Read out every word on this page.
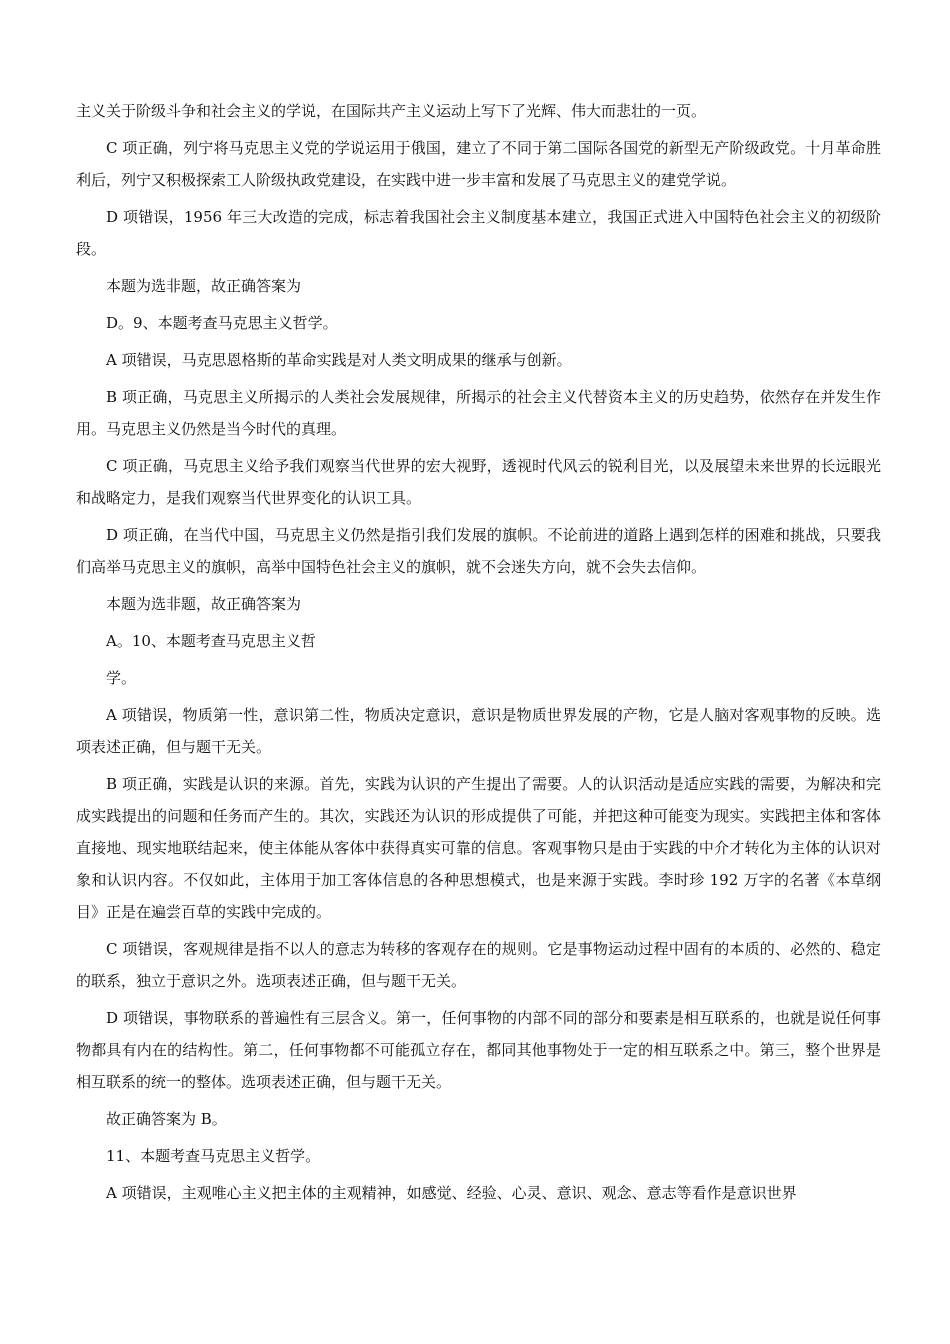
主义关于阶级斗争和社会主义的学说，在国际共产主义运动上写下了光辉、伟大而悲壮的一页。

C 项正确，列宁将马克思主义党的学说运用于俄国，建立了不同于第二国际各国党的新型无产阶级政党。十月革命胜利后，列宁又积极探索工人阶级执政党建设，在实践中进一步丰富和发展了马克思主义的建党学说。

D 项错误，1956 年三大改造的完成，标志着我国社会主义制度基本建立，我国正式进入中国特色社会主义的初级阶段。

本题为选非题，故正确答案为

D。9、本题考查马克思主义哲学。

A 项错误，马克思恩格斯的革命实践是对人类文明成果的继承与创新。

B 项正确，马克思主义所揭示的人类社会发展规律，所揭示的社会主义代替资本主义的历史趋势，依然存在并发生作用。马克思主义仍然是当今时代的真理。

C 项正确，马克思主义给予我们观察当代世界的宏大视野，透视时代风云的锐利目光，以及展望未来世界的长远眼光和战略定力，是我们观察当代世界变化的认识工具。

D 项正确，在当代中国，马克思主义仍然是指引我们发展的旗帜。不论前进的道路上遇到怎样的困难和挑战，只要我们高举马克思主义的旗帜，高举中国特色社会主义的旗帜，就不会迷失方向，就不会失去信仰。

本题为选非题，故正确答案为

A。10、本题考查马克思主义哲

学。

A 项错误，物质第一性，意识第二性，物质决定意识，意识是物质世界发展的产物，它是人脑对客观事物的反映。选项表述正确，但与题干无关。

B 项正确，实践是认识的来源。首先，实践为认识的产生提出了需要。人的认识活动是适应实践的需要，为解决和完成实践提出的问题和任务而产生的。其次，实践还为认识的形成提供了可能，并把这种可能变为现实。实践把主体和客体直接地、现实地联结起来，使主体能从客体中获得真实可靠的信息。客观事物只是由于实践的中介才转化为主体的认识对象和认识内容。不仅如此，主体用于加工客体信息的各种思想模式，也是来源于实践。李时珍 192 万字的名著《本草纲目》正是在遍尝百草的实践中完成的。

C 项错误，客观规律是指不以人的意志为转移的客观存在的规则。它是事物运动过程中固有的本质的、必然的、稳定的联系，独立于意识之外。选项表述正确，但与题干无关。

D 项错误，事物联系的普遍性有三层含义。第一，任何事物的内部不同的部分和要素是相互联系的，也就是说任何事物都具有内在的结构性。第二，任何事物都不可能孤立存在，都同其他事物处于一定的相互联系之中。第三，整个世界是相互联系的统一的整体。选项表述正确，但与题干无关。

故正确答案为 B。

11、本题考查马克思主义哲学。

A 项错误，主观唯心主义把主体的主观精神，如感觉、经验、心灵、意识、观念、意志等看作是意识世界
